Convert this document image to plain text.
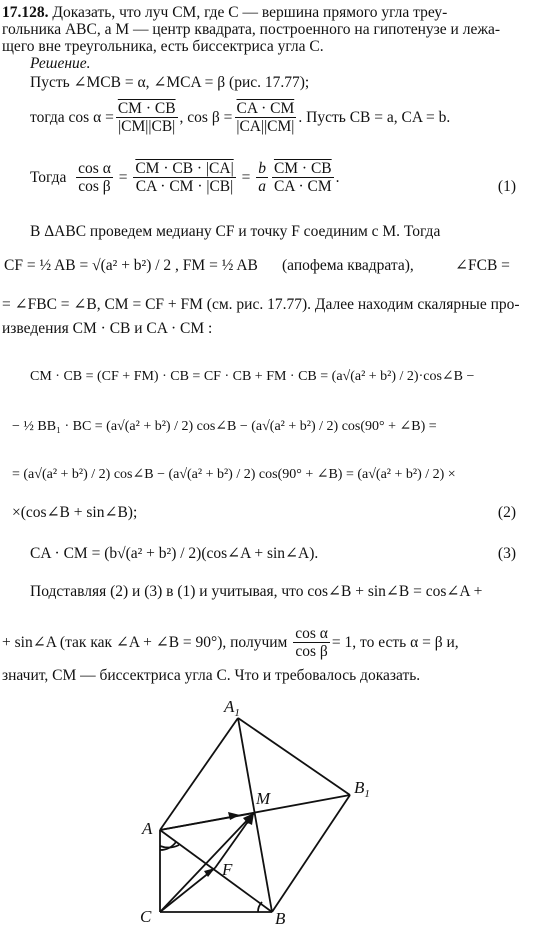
17.128. Доказать, что луч CM, где C — вершина прямого угла треу-
гольника ABC, а M — центр квадрата, построенного на гипотенузе и лежа-
щего вне треугольника, есть биссектриса угла C.
Решение.
Пусть ∠MCB = α, ∠MCA = β (рис. 17.77);
тогда $\cos \alpha = \frac{CM \cdot CB}{|CM||CB|}$ , $\cos \beta = \frac{CA \cdot CM}{|CA||CM|}$ . Пусть CB = a, CA = b.
Тогда
$\frac{\text{cos α}}{\text{cos β}} = \frac{CM \cdot CB \cdot |CA|}{CA \cdot CM \cdot |CB|} = \frac{b}{a} \frac{CM \cdot CB}{CA \cdot CM}$ .
(1)
В ΔABC проведем медиану CF и точку F соединим с M. Тогда
CF = ½ AB = √(a² + b²) / 2 , FM = ½ AB (апофема квадрата),	∠FCB =
= ∠FBC = ∠B, CM = CF + FM (см. рис. 17.77). Далее находим скалярные про-
изведения CM · CB и CA · CM :
CM · CB = (CF + FM) · CB = CF · CB + FM · CB = (a√(a² + b²) / 2)·cos∠B −
− ½ BB₁ · BC = (a√(a² + b²) / 2) cos∠B − (a√(a² + b²) / 2) cos(90° + ∠B) =
= (a√(a² + b²) / 2) cos∠B − (a√(a² + b²) / 2) cos(90° + ∠B) = (a√(a² + b²) / 2) ×
×(cos∠B + sin∠B);	(2)
CA · CM = (b√(a² + b²) / 2)(cos∠A + sin∠A).	(3)
Подставляя (2) и (3) в (1) и учитывая, что cos∠B + sin∠B = cos∠A +
+ sin∠A (так как ∠A + ∠B = 90°), получим
$\frac{\text{cos α}}{\text{cos β}} = 1$, то есть α = β и,
значит, CM — биссектриса угла C. Что и требовалось доказать.
$A_1$
$B_1$
M
A
F
C	B
